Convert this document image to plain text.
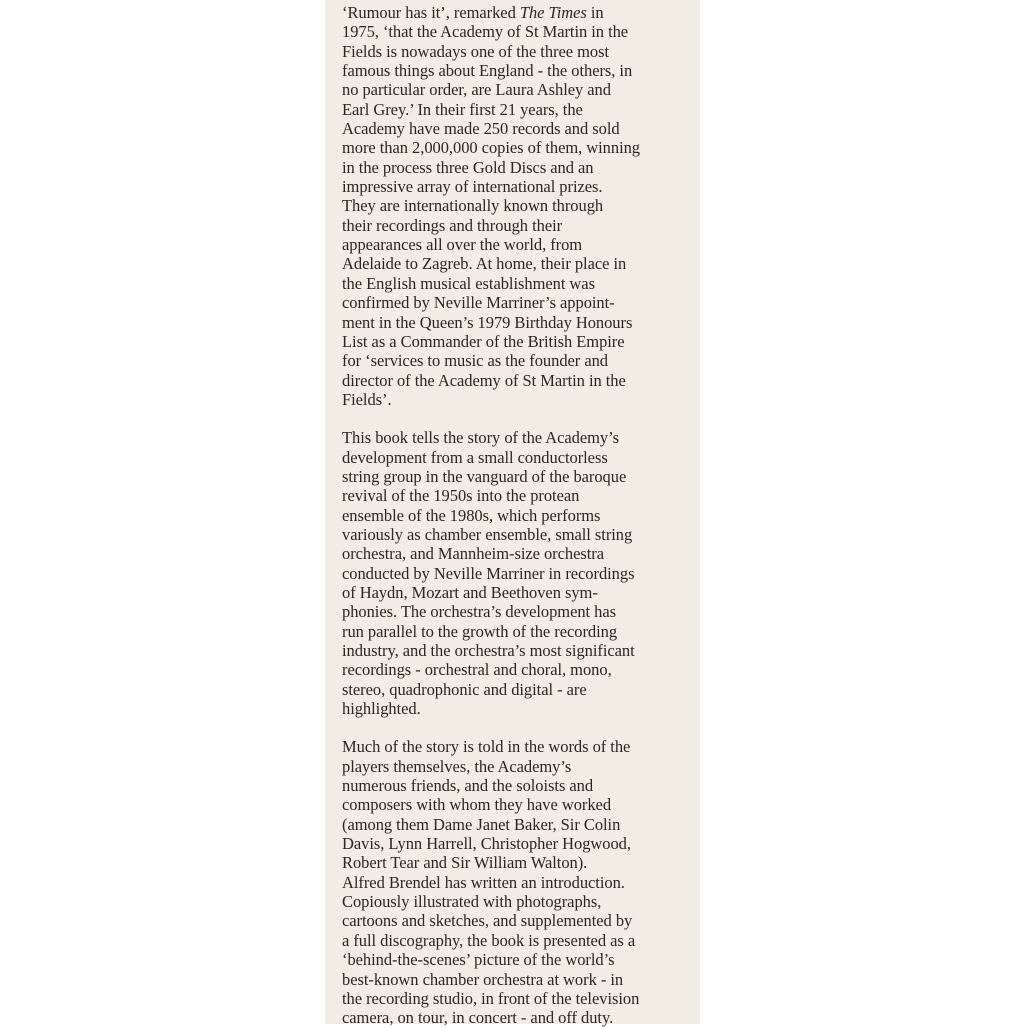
‘Rumour has it’, remarked The Times in
1975, ‘that the Academy of St Martin in the
Fields is nowadays one of the three most
famous things about England - the others, in
no particular order, are Laura Ashley and
Earl Grey.’ In their first 21 years, the
Academy have made 250 records and sold
more than 2,000,000 copies of them, winning
in the process three Gold Discs and an
impressive array of international prizes.
They are internationally known through
their recordings and through their
appearances all over the world, from
Adelaide to Zagreb. At home, their place in
the English musical establishment was
confirmed by Neville Marriner’s appoint-
ment in the Queen’s 1979 Birthday Honours
List as a Commander of the British Empire
for ‘services to music as the founder and
director of the Academy of St Martin in the
Fields’.
This book tells the story of the Academy’s
development from a small conductorless
string group in the vanguard of the baroque
revival of the 1950s into the protean
ensemble of the 1980s, which performs
variously as chamber ensemble, small string
orchestra, and Mannheim-size orchestra
conducted by Neville Marriner in recordings
of Haydn, Mozart and Beethoven sym-
phonies. The orchestra’s development has
run parallel to the growth of the recording
industry, and the orchestra’s most significant
recordings - orchestral and choral, mono,
stereo, quadrophonic and digital - are
highlighted.
Much of the story is told in the words of the
players themselves, the Academy’s
numerous friends, and the soloists and
composers with whom they have worked
(among them Dame Janet Baker, Sir Colin
Davis, Lynn Harrell, Christopher Hogwood,
Robert Tear and Sir William Walton).
Alfred Brendel has written an introduction.
Copiously illustrated with photographs,
cartoons and sketches, and supplemented by
a full discography, the book is presented as a
‘behind-the-scenes’ picture of the world’s
best-known chamber orchestra at work - in
the recording studio, in front of the television
camera, on tour, in concert - and off duty.
